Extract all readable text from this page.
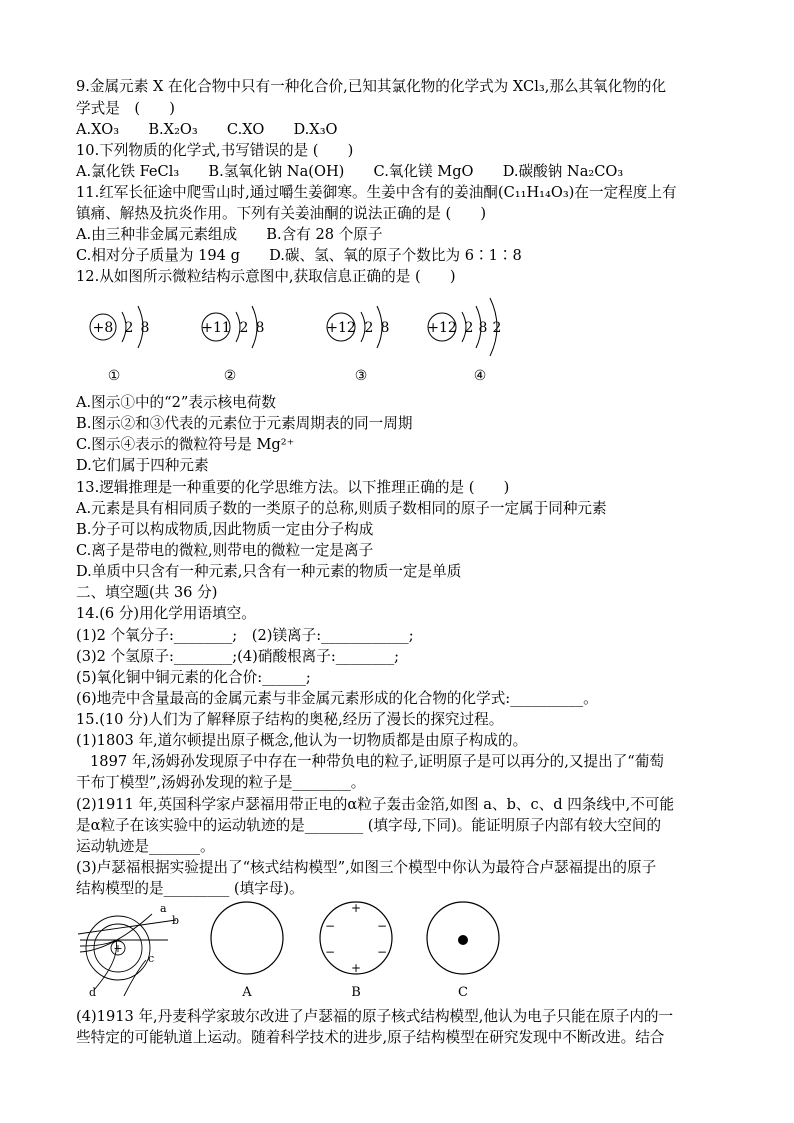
9.金属元素 X 在化合物中只有一种化合价,已知其氯化物的化学式为 XCl₃,那么其氧化物的化
学式是　(　　)
A.XO₃　　B.X₂O₃　　C.XO　　D.X₃O
10.下列物质的化学式,书写错误的是 (　　)
A.氯化铁 FeCl₃　　B.氢氧化钠 Na(OH)　　C.氧化镁 MgO　　D.碳酸钠 Na₂CO₃
11.红军长征途中爬雪山时,通过嚼生姜御寒。生姜中含有的姜油酮(C₁₁H₁₄O₃)在一定程度上有
镇痛、解热及抗炎作用。下列有关姜油酮的说法正确的是 (　　)
A.由三种非金属元素组成　　B.含有 28 个原子
C.相对分子质量为 194 g　　D.碳、氢、氧的原子个数比为 6∶1∶8
12.从如图所示微粒结构示意图中,获取信息正确的是 (　　)
+8 2 8
①
+11 2 8
②
+12 2 8
③
+12 2 8 2
④
A.图示①中的“2”表示核电荷数
B.图示②和③代表的元素位于元素周期表的同一周期
C.图示④表示的微粒符号是 Mg²⁺
D.它们属于四种元素
13.逻辑推理是一种重要的化学思维方法。以下推理正确的是 (　　)
A.元素是具有相同质子数的一类原子的总称,则质子数相同的原子一定属于同种元素
B.分子可以构成物质,因此物质一定由分子构成
C.离子是带电的微粒,则带电的微粒一定是离子
D.单质中只含有一种元素,只含有一种元素的物质一定是单质
二、填空题(共 36 分)
14.(6 分)用化学用语填空。
(1)2 个氧分子:________;　(2)镁离子:____________;
(3)2 个氢原子:________;(4)硝酸根离子:________;
(5)氧化铜中铜元素的化合价:______;
(6)地壳中含量最高的金属元素与非金属元素形成的化合物的化学式:__________。
15.(10 分)人们为了解释原子结构的奥秘,经历了漫长的探究过程。
(1)1803 年,道尔顿提出原子概念,他认为一切物质都是由原子构成的。
1897 年,汤姆孙发现原子中存在一种带负电的粒子,证明原子是可以再分的,又提出了“葡萄
干布丁模型”,汤姆孙发现的粒子是________。
(2)1911 年,英国科学家卢瑟福用带正电的α粒子轰击金箔,如图 a、b、c、d 四条线中,不可能
是α粒子在该实验中的运动轨迹的是________ (填字母,下同)。能证明原子内部有较大空间的
运动轨迹是_______。
(3)卢瑟福根据实验提出了“核式结构模型”,如图三个模型中你认为最符合卢瑟福提出的原子
结构模型的是_________ (填字母)。
+
a
b
c
d	A
+
+
−	−
−	−
B	C
(4)1913 年,丹麦科学家玻尔改进了卢瑟福的原子核式结构模型,他认为电子只能在原子内的一
些特定的可能轨道上运动。随着科学技术的进步,原子结构模型在研究发现中不断改进。结合
